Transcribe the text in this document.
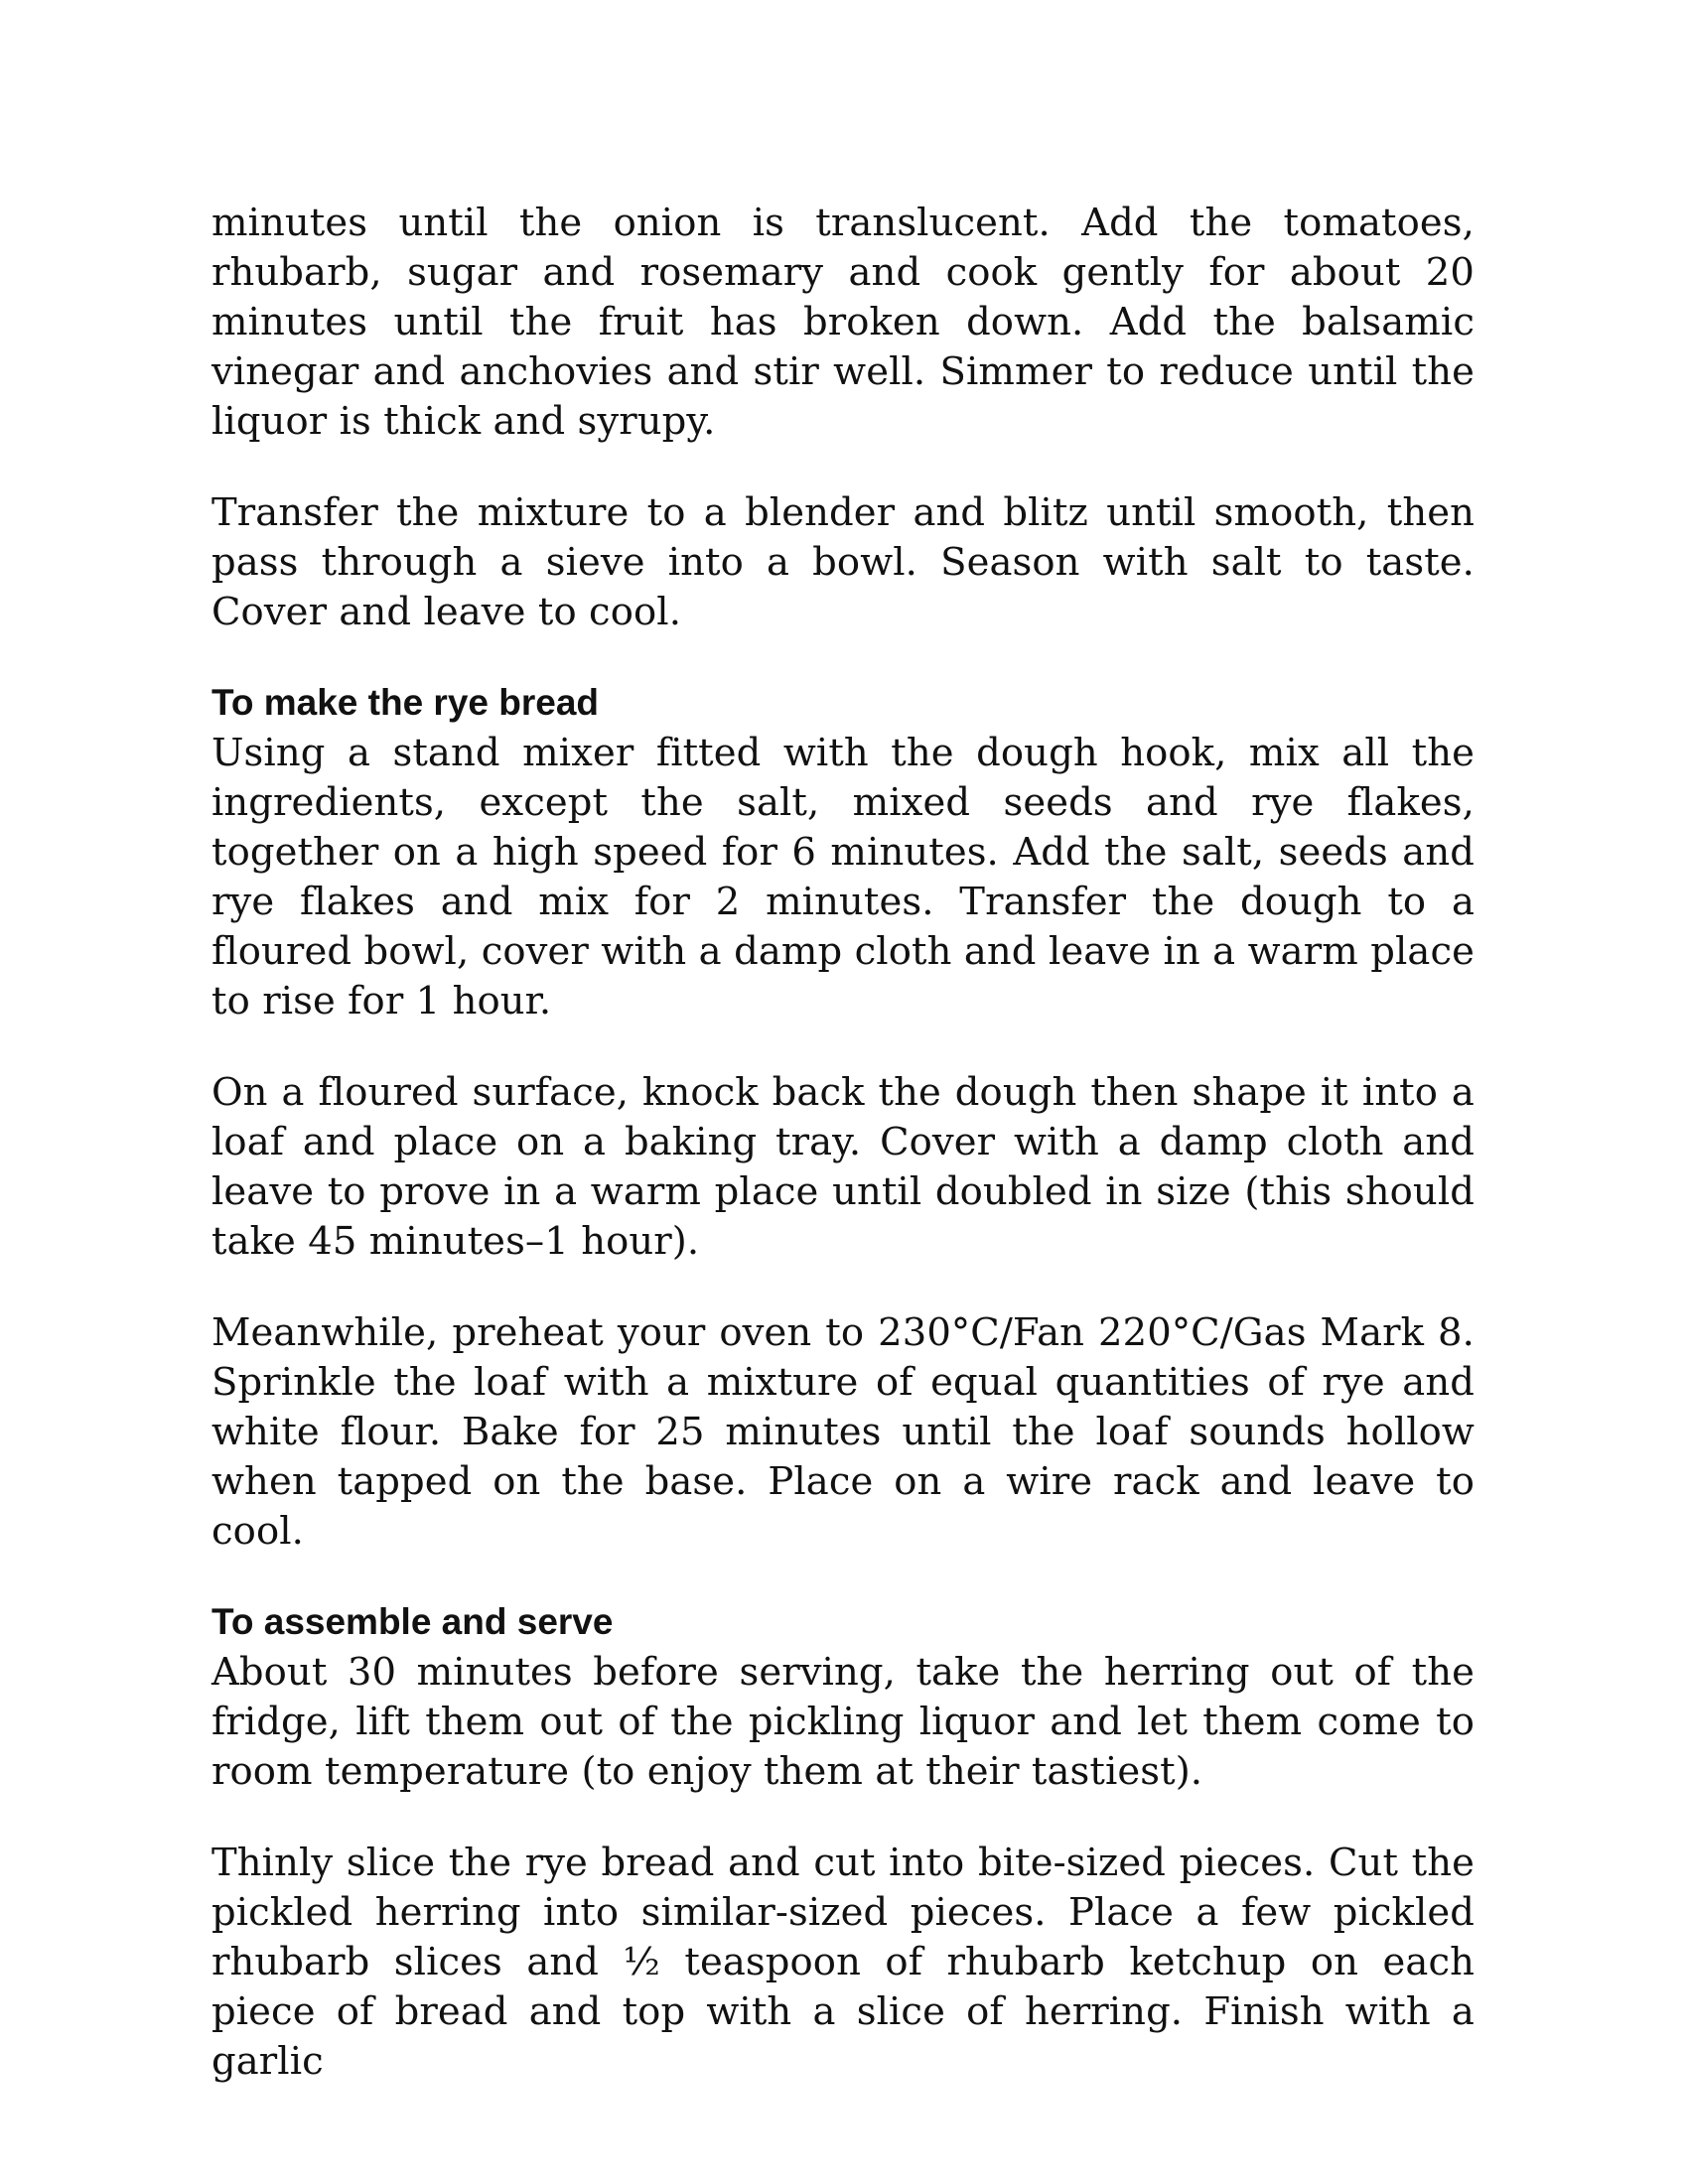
minutes until the onion is translucent. Add the tomatoes, rhubarb, sugar and rosemary and cook gently for about 20 minutes until the fruit has broken down. Add the balsamic vinegar and anchovies and stir well. Simmer to reduce until the liquor is thick and syrupy.

Transfer the mixture to a blender and blitz until smooth, then pass through a sieve into a bowl. Season with salt to taste. Cover and leave to cool.

To make the rye bread

Using a stand mixer fitted with the dough hook, mix all the ingredients, except the salt, mixed seeds and rye flakes, together on a high speed for 6 minutes. Add the salt, seeds and rye flakes and mix for 2 minutes. Transfer the dough to a floured bowl, cover with a damp cloth and leave in a warm place to rise for 1 hour.

On a floured surface, knock back the dough then shape it into a loaf and place on a baking tray. Cover with a damp cloth and leave to prove in a warm place until doubled in size (this should take 45 minutes–1 hour).

Meanwhile, preheat your oven to 230°C/Fan 220°C/Gas Mark 8. Sprinkle the loaf with a mixture of equal quantities of rye and white flour. Bake for 25 minutes until the loaf sounds hollow when tapped on the base. Place on a wire rack and leave to cool.

To assemble and serve

About 30 minutes before serving, take the herring out of the fridge, lift them out of the pickling liquor and let them come to room temperature (to enjoy them at their tastiest).

Thinly slice the rye bread and cut into bite-sized pieces. Cut the pickled herring into similar-sized pieces. Place a few pickled rhubarb slices and ½ teaspoon of rhubarb ketchup on each piece of bread and top with a slice of herring. Finish with a garlic
